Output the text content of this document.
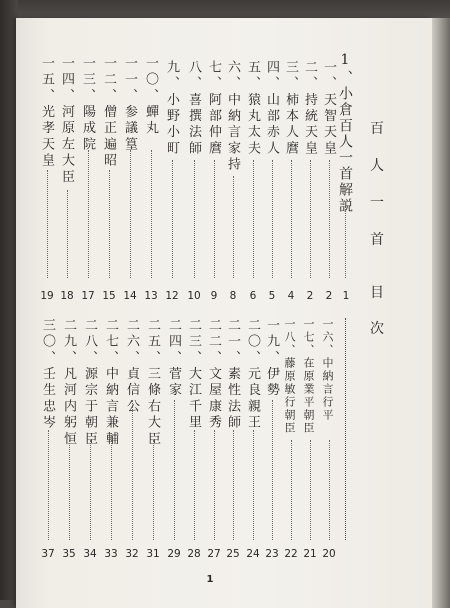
百
人
一
首
目
次
1、小倉百人一首解説
一、天智天皇
二、持統天皇
三、柿本人麿
四、山部赤人
五、猿丸太夫
六、中納言家持
七、阿部仲麿
八、喜撰法師
九、小野小町
一〇、蟬丸
一一、参議篁
一二、僧正遍昭
一三、陽成院
一四、河原左大臣
一五、光孝天皇
1
2
2
4
5
6
8
9
10
12
13
14
15
17
18
19
一六、中納言行平
一七、在原業平朝臣
一八、藤原敏行朝臣
一九、伊勢
二〇、元良親王
二一、素性法師
二二、文屋康秀
二三、大江千里
二四、菅家
二五、三條右大臣
二六、貞信公
二七、中納言兼輔
二八、源宗于朝臣
二九、凡河内躬恒
三〇、壬生忠岑
20
21
22
23
24
25
27
28
29
31
32
33
34
35
37
1
